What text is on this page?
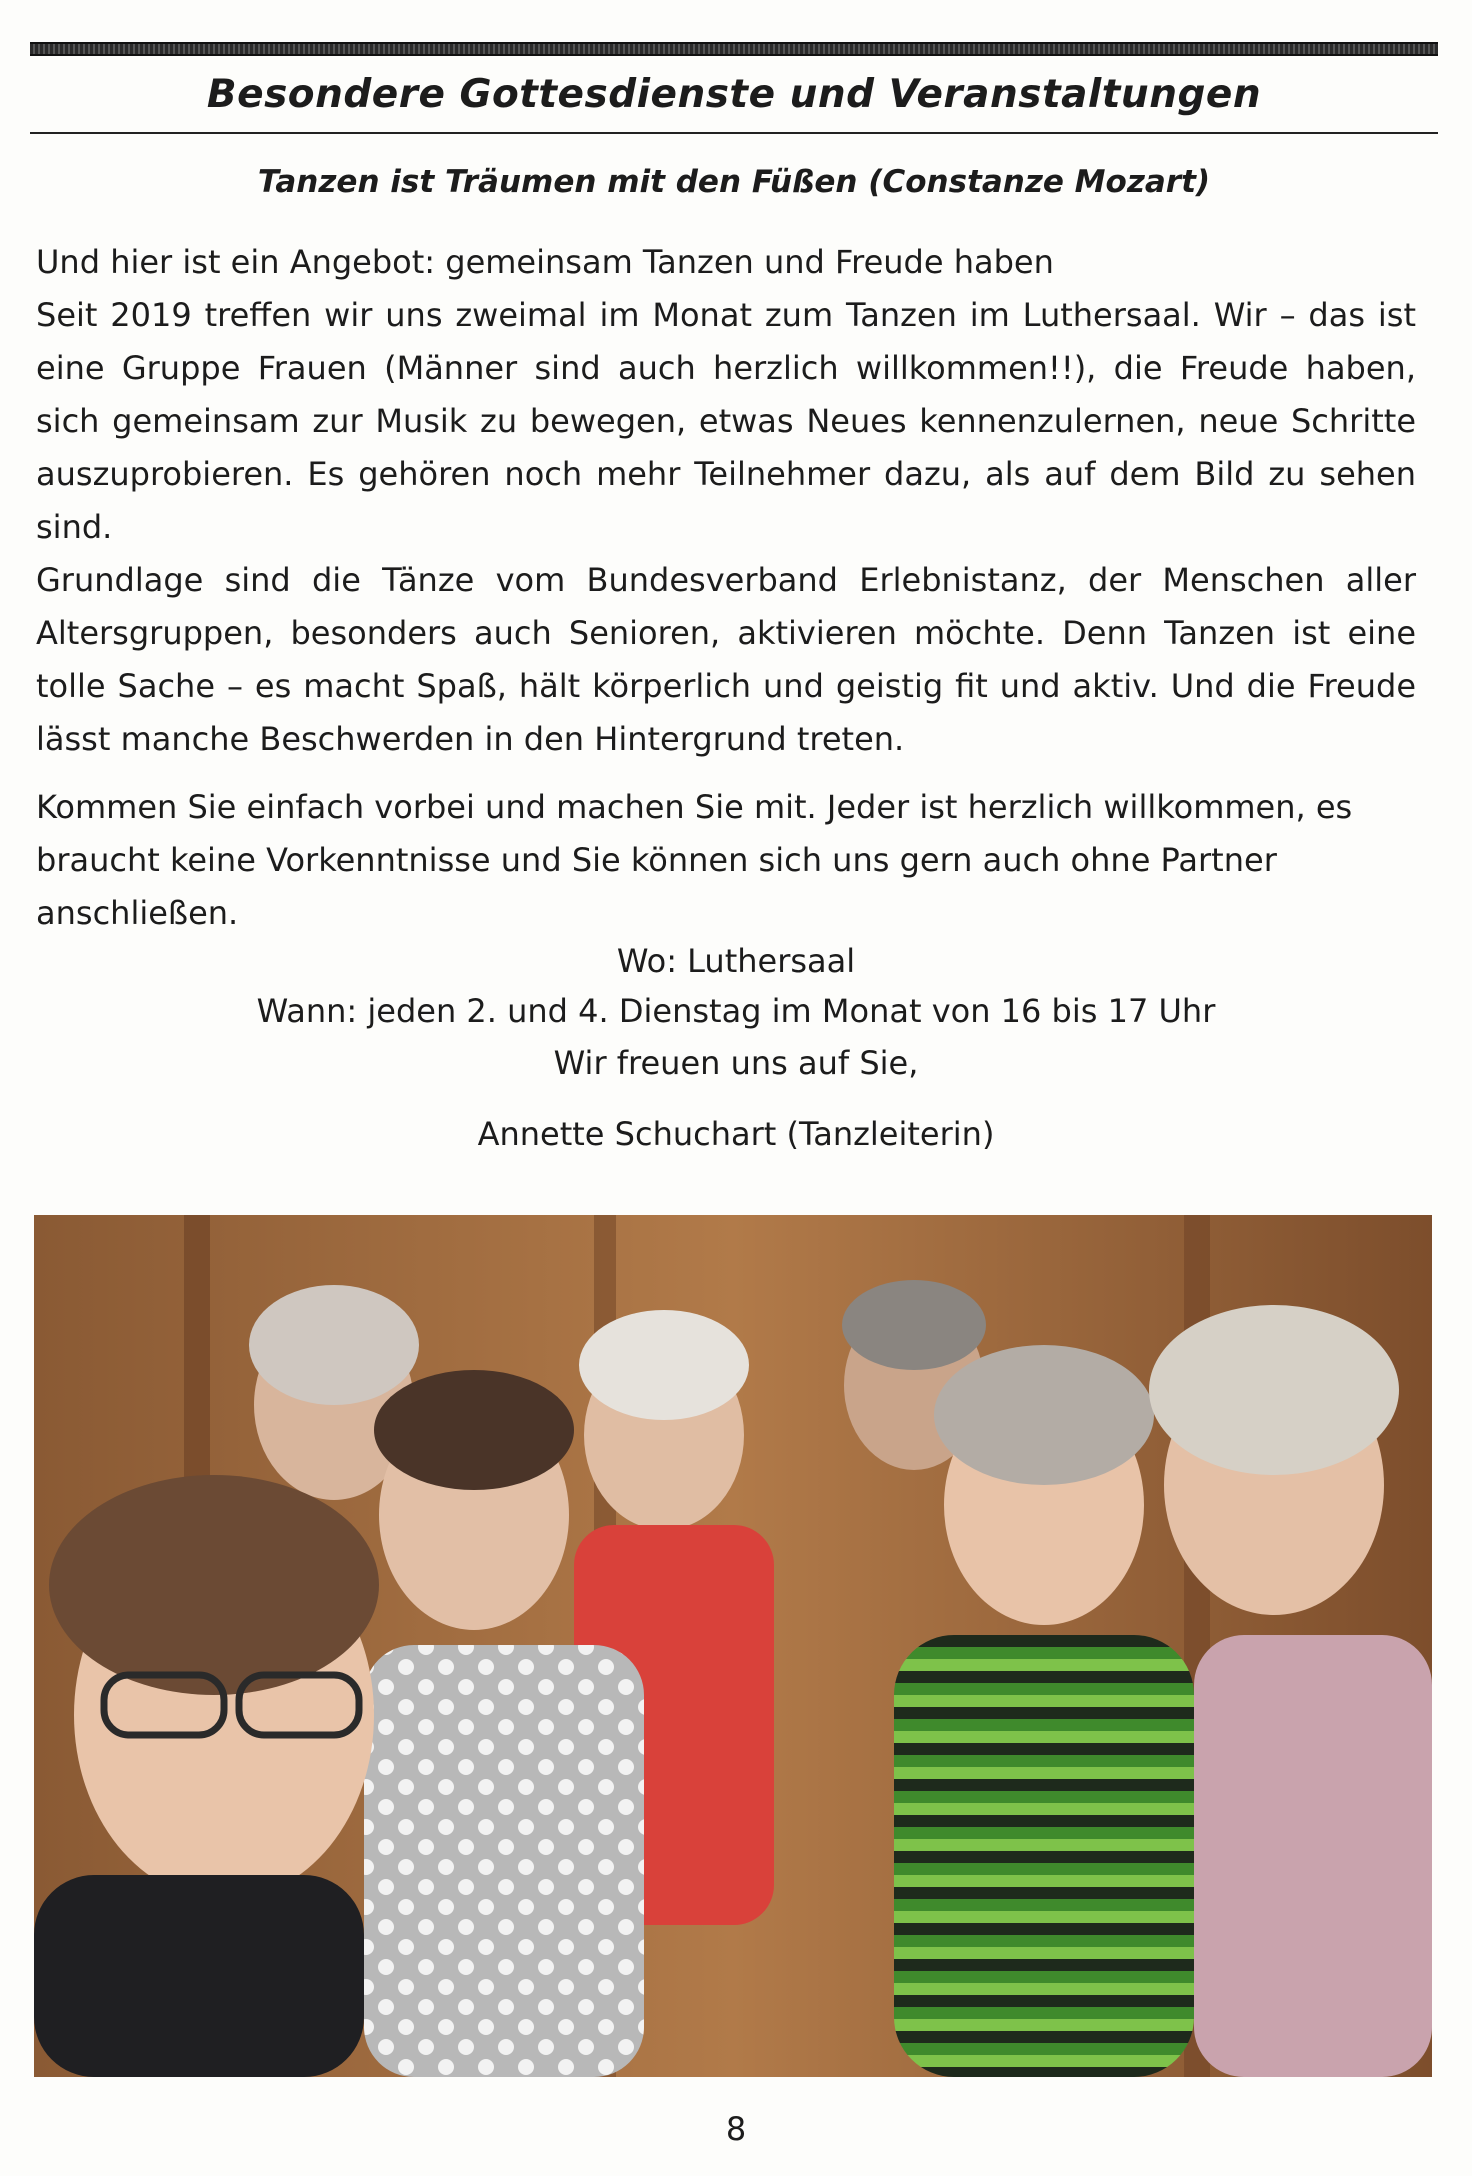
Besondere Gottesdienste und Veranstaltungen
Tanzen ist Träumen mit den Füßen (Constanze Mozart)

Und hier ist ein Angebot: gemeinsam Tanzen und Freude haben

Seit 2019 treffen wir uns zweimal im Monat zum Tanzen im Luthersaal. Wir – das ist eine Gruppe Frauen (Männer sind auch herzlich willkommen!!), die Freude haben, sich gemeinsam zur Musik zu bewegen, etwas Neues kennenzulernen, neue Schritte auszuprobieren. Es gehören noch mehr Teilnehmer dazu, als auf dem Bild zu sehen sind.

Grundlage sind die Tänze vom Bundesverband Erlebnistanz, der Menschen aller Altersgruppen, besonders auch Senioren, aktivieren möchte. Denn Tanzen ist eine tolle Sache – es macht Spaß, hält körperlich und geistig fit und aktiv. Und die Freude lässt manche Beschwerden in den Hintergrund treten.

Kommen Sie einfach vorbei und machen Sie mit. Jeder ist herzlich willkommen, es braucht keine Vorkenntnisse und Sie können sich uns gern auch ohne Partner anschließen.

Wo: Luthersaal
Wann: jeden 2. und 4. Dienstag im Monat von 16 bis 17 Uhr
Wir freuen uns auf Sie,
Annette Schuchart (Tanzleiterin)
8
